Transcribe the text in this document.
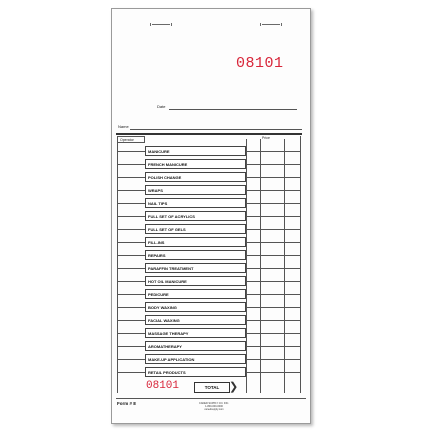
08101
Date
Name
Operator	Price
MANICURE
FRENCH MANICURE
POLISH CHANGE
WRAPS
NAIL TIPS
FULL SET OF ACRYLICS
FULL SET OF GELS
FILL-INS
REPAIRS
PARAFFIN TREATMENT
HOT OIL MANICURE
PEDICURE
BODY WAXING
FACIAL WAXING
MASSAGE THERAPY
AROMATHERAPY
MAKE-UP APPLICATION
RETAIL PRODUCTS
08101	TOTAL ❯
Form # 8	CANED SUPPLY CO. INC.
1-800-000-0000
canedsupply.com
